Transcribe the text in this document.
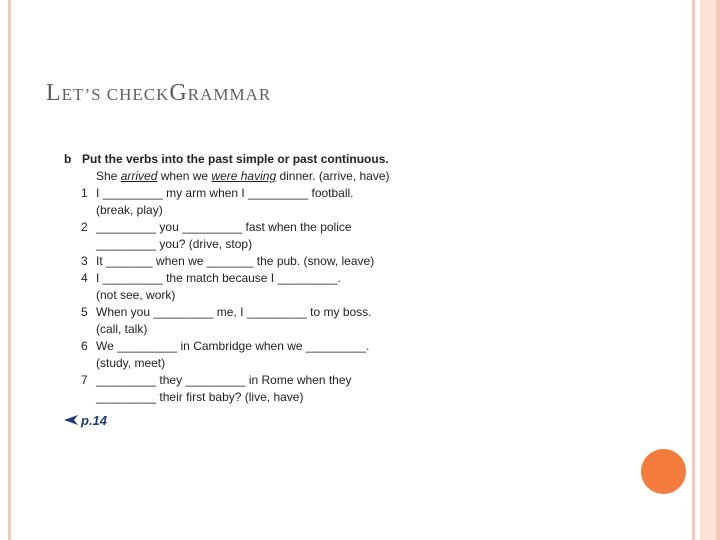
LET’S CHECKGRAMMAR
b Put the verbs into the past simple or past continuous.
She arrived when we were having dinner. (arrive, have)
1 I _________ my arm when I _________ football.
(break, play)
2 _________ you _________ fast when the police
_________ you? (drive, stop)
3 It _______ when we _______ the pub. (snow, leave)
4 I _________ the match because I _________.
(not see, work)
5 When you _________ me, I _________ to my boss.
(call, talk)
6 We _________ in Cambridge when we _________.
(study, meet)
7 _________ they _________ in Rome when they
_________ their first baby? (live, have)
p.14
